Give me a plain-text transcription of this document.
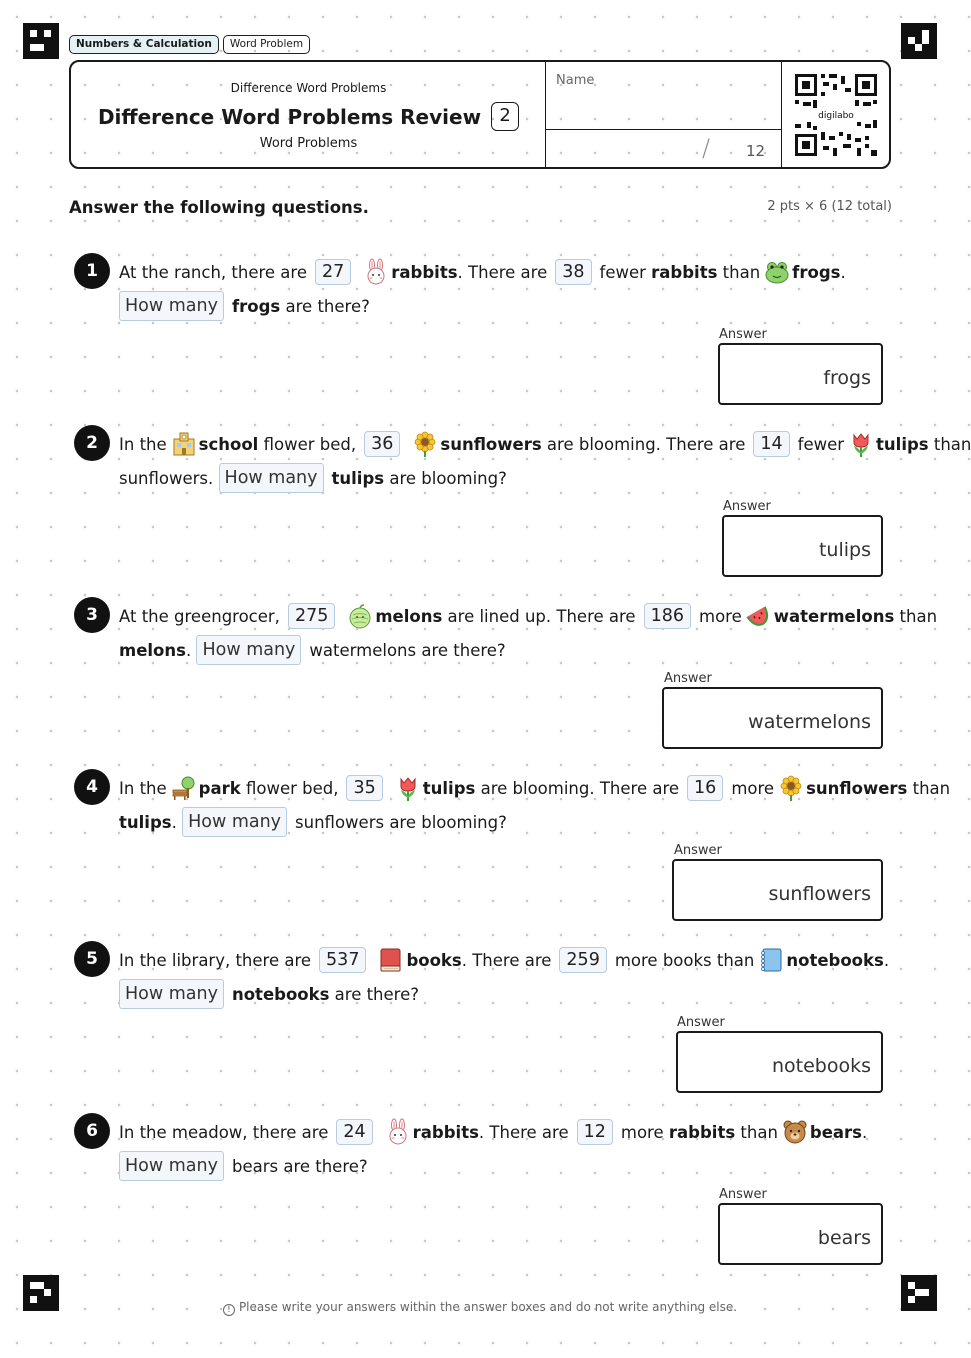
Numbers & Calculation	Word Problem
Difference Word Problems
Difference Word Problems Review	2
Word Problems
Name
/ 12
digilabo
Answer the following questions.	2 pts × 6 (12 total)
1	At the ranch, there are 27	rabbits . There are 38 fewer
rabbits
than frogs .
How many frogs
are there?
Answer
frogs
2	In the school
flower bed, 36	sunflowers
are blooming. There are 14 fewer tulips
than
sunflowers.
How many tulips
are blooming?
Answer
tulips
3	At the greengrocer, 275	melons
are lined up. There are 186 more watermelons
than
melons .
How many watermelons are there?
Answer
watermelons
4	In the park
flower bed, 35	tulips
are blooming. There are 16 more sunflowers
than
tulips .
How many sunflowers are blooming?
Answer
sunflowers
5	In the library, there are 537	books . There are 259 more books than notebooks .
How many notebooks
are there?
Answer
notebooks
6	In the meadow, there are 24	rabbits . There are 12 more
rabbits
than bears .
How many bears are there?
Answer
bears
! Please write your answers within the answer boxes and do not write anything else.
